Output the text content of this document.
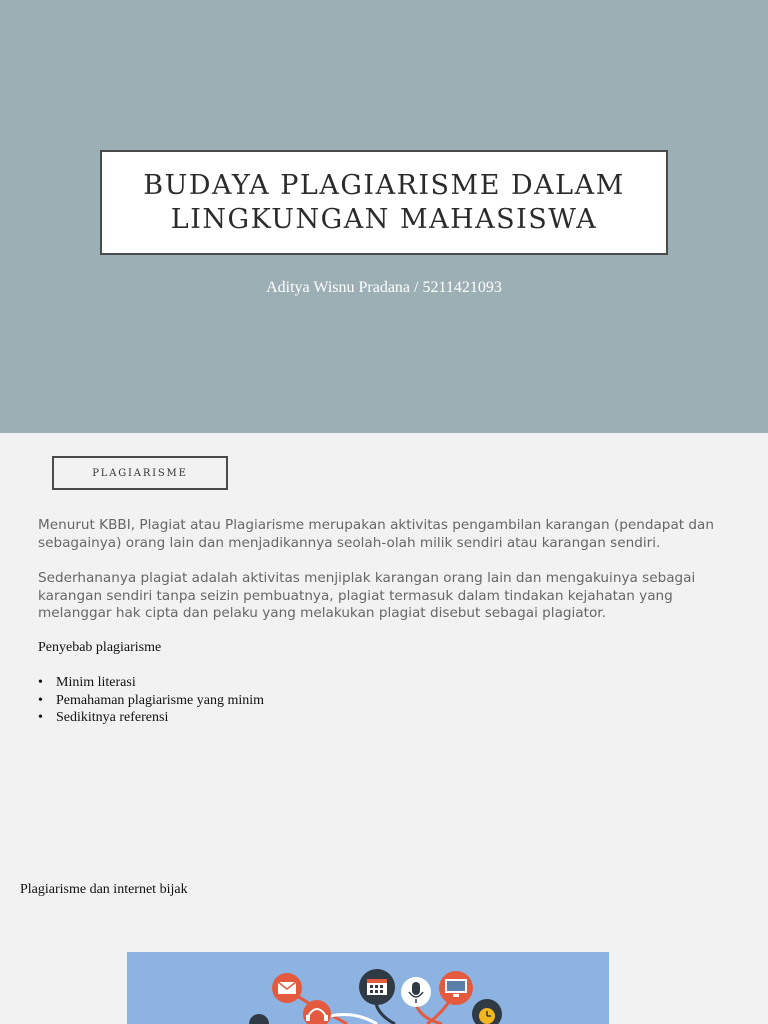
BUDAYA PLAGIARISME DALAM
LINGKUNGAN MAHASISWA
Aditya Wisnu Pradana / 5211421093
PLAGIARISME
Menurut KBBI, Plagiat atau Plagiarisme merupakan aktivitas pengambilan karangan (pendapat dan sebagainya) orang lain dan menjadikannya seolah-olah milik sendiri atau karangan sendiri.
Sederhananya plagiat adalah aktivitas menjiplak karangan orang lain dan mengakuinya sebagai karangan sendiri tanpa seizin pembuatnya, plagiat termasuk dalam tindakan kejahatan yang melanggar hak cipta dan pelaku yang melakukan plagiat disebut sebagai plagiator.
Penyebab plagiarisme
• Minim literasi
• Pemahaman plagiarisme yang minim
• Sedikitnya referensi
Plagiarisme dan internet bijak
